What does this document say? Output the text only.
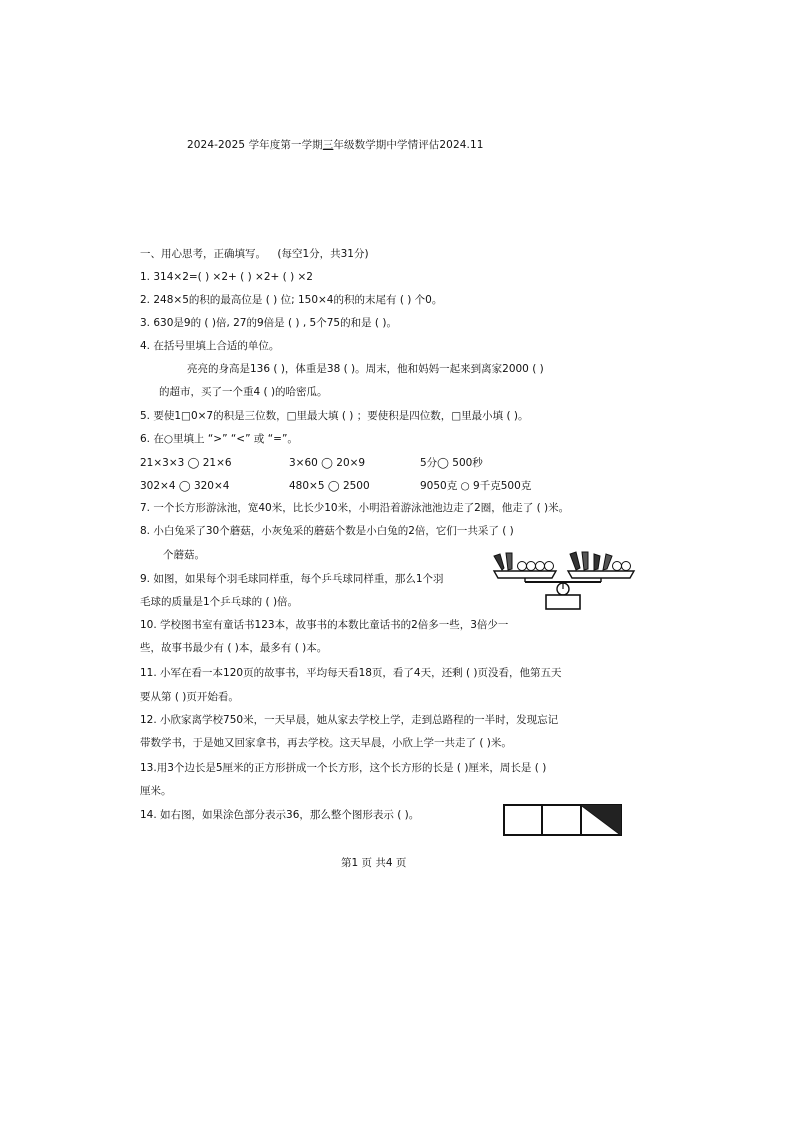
2024-2025 学年度第一学期三年级数学期中学情评估2024.11
一、用心思考，正确填写。 (每空1分，共31分)
1. 314×2=( ) ×2+ ( ) ×2+ ( ) ×2
2. 248×5的积的最高位是 ( ) 位; 150×4的积的末尾有 ( ) 个0。
3. 630是9的 ( )倍, 27的9倍是 ( ) , 5个75的和是 ( )。
4. 在括号里填上合适的单位。
亮亮的身高是136 ( )，体重是38 ( )。周末，他和妈妈一起来到离家2000 ( )
的超市，买了一个重4 ( )的哈密瓜。
5. 要使1□0×7的积是三位数，□里最大填 ( ) ；要使积是四位数，□里最小填 ( )。
6. 在○里填上 “>” “<” 或 “=”。
21×3×3 ◯ 21×6	3×60 ◯ 20×9	5分◯ 500秒
302×4 ◯ 320×4	480×5 ◯ 2500	9050克 ○ 9千克500克
7. 一个长方形游泳池，宽40米，比长少10米，小明沿着游泳池池边走了2圈，他走了 ( )米。
8. 小白兔采了30个蘑菇，小灰兔采的蘑菇个数是小白兔的2倍，它们一共采了 ( )
个蘑菇。
9. 如图，如果每个羽毛球同样重，每个乒乓球同样重，那么1个羽
毛球的质量是1个乒乓球的 ( )倍。
10. 学校图书室有童话书123本，故事书的本数比童话书的2倍多一些，3倍少一
些，故事书最少有 ( )本，最多有 ( )本。
11. 小军在看一本120页的故事书，平均每天看18页，看了4天，还剩 ( )页没看，他第五天
要从第 ( )页开始看。
12. 小欣家离学校750米，一天早晨，她从家去学校上学，走到总路程的一半时，发现忘记
带数学书，于是她又回家拿书，再去学校。这天早晨，小欣上学一共走了 ( )米。
13.用3个边长是5厘米的正方形拼成一个长方形，这个长方形的长是 ( )厘米，周长是 ( )
厘米。
14. 如右图，如果涂色部分表示36，那么整个图形表示 ( )。
第1 页 共4 页
